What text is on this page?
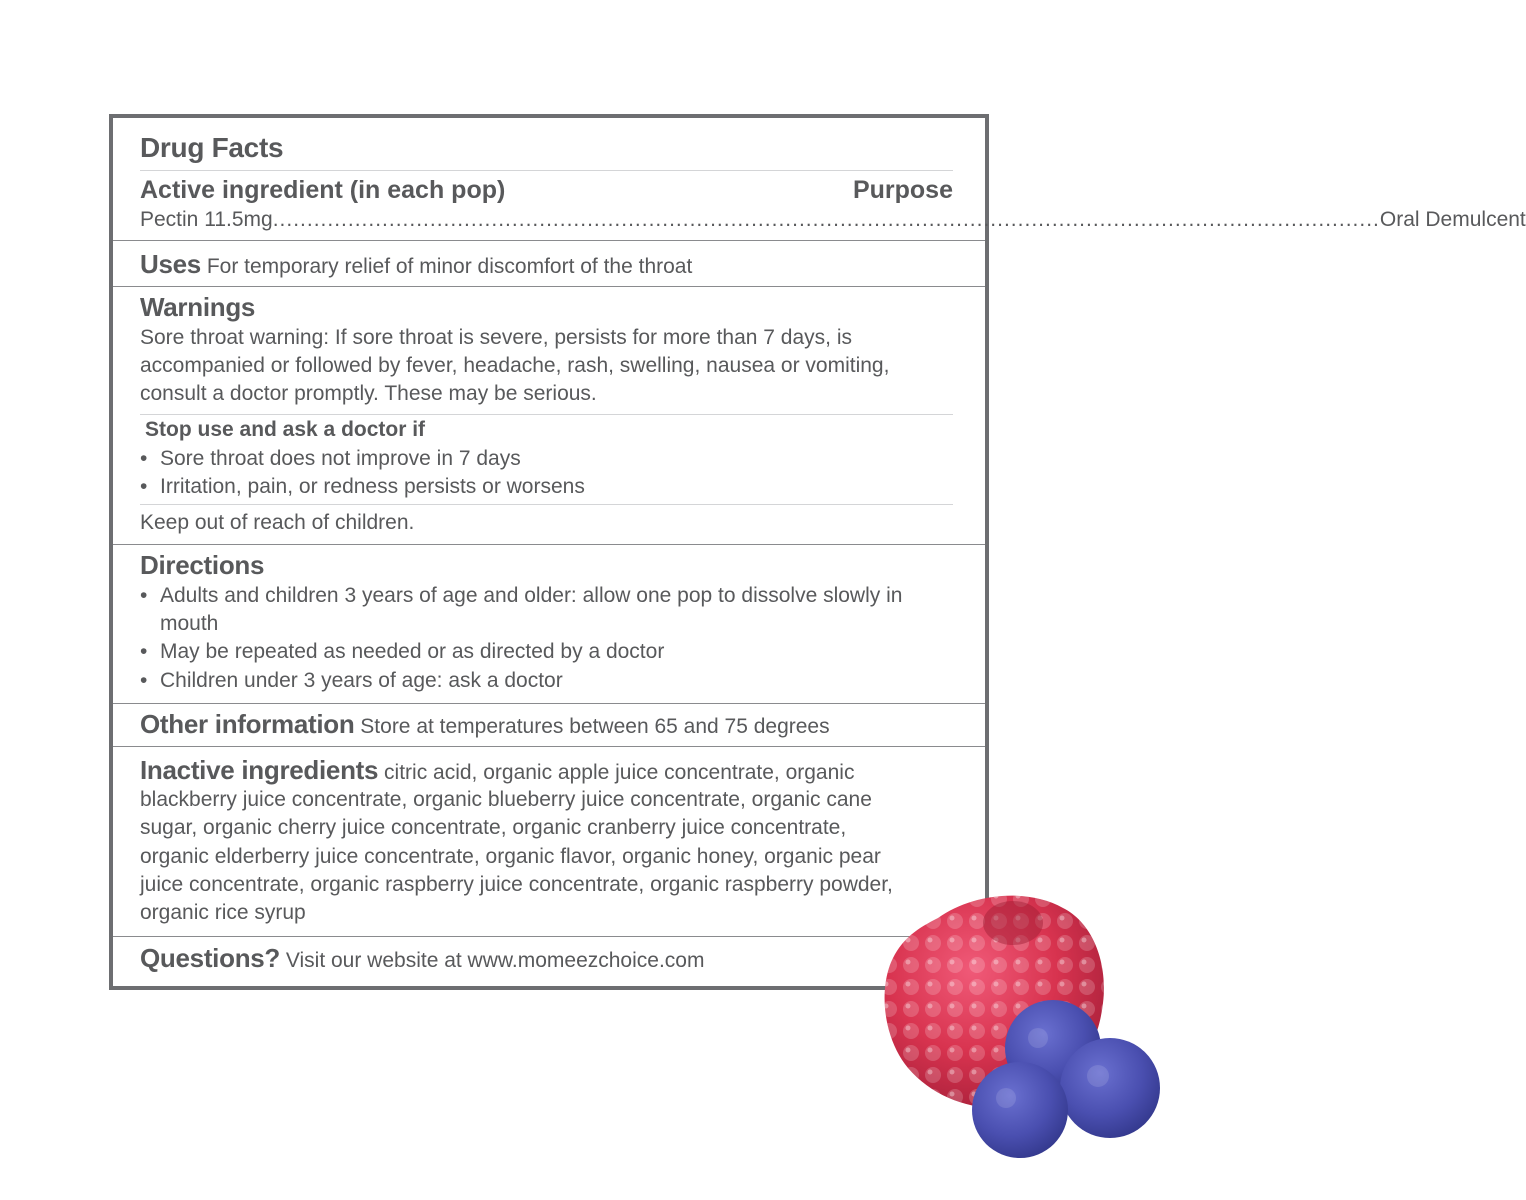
Drug Facts
Active ingredient (in each pop)	Purpose
Pectin 11.5mg .................................................................................................................................................................. Oral Demulcent
Uses For temporary relief of minor discomfort of the throat
Warnings
Sore throat warning: If sore throat is severe, persists for more than 7 days, is
accompanied or followed by fever, headache, rash, swelling, nausea or vomiting,
consult a doctor promptly. These may be serious.
Stop use and ask a doctor if
• Sore throat does not improve in 7 days
• Irritation, pain, or redness persists or worsens
Keep out of reach of children.
Directions
• Adults and children 3 years of age and older: allow one pop to dissolve slowly in
mouth
• May be repeated as needed or as directed by a doctor
• Children under 3 years of age: ask a doctor
Other information Store at temperatures between 65 and 75 degrees
Inactive ingredients citric acid, organic apple juice concentrate, organic
blackberry juice concentrate, organic blueberry juice concentrate, organic cane
sugar, organic cherry juice concentrate, organic cranberry juice concentrate,
organic elderberry juice concentrate, organic flavor, organic honey, organic pear
juice concentrate, organic raspberry juice concentrate, organic raspberry powder,
organic rice syrup
Questions? Visit our website at www.momeezchoice.com
